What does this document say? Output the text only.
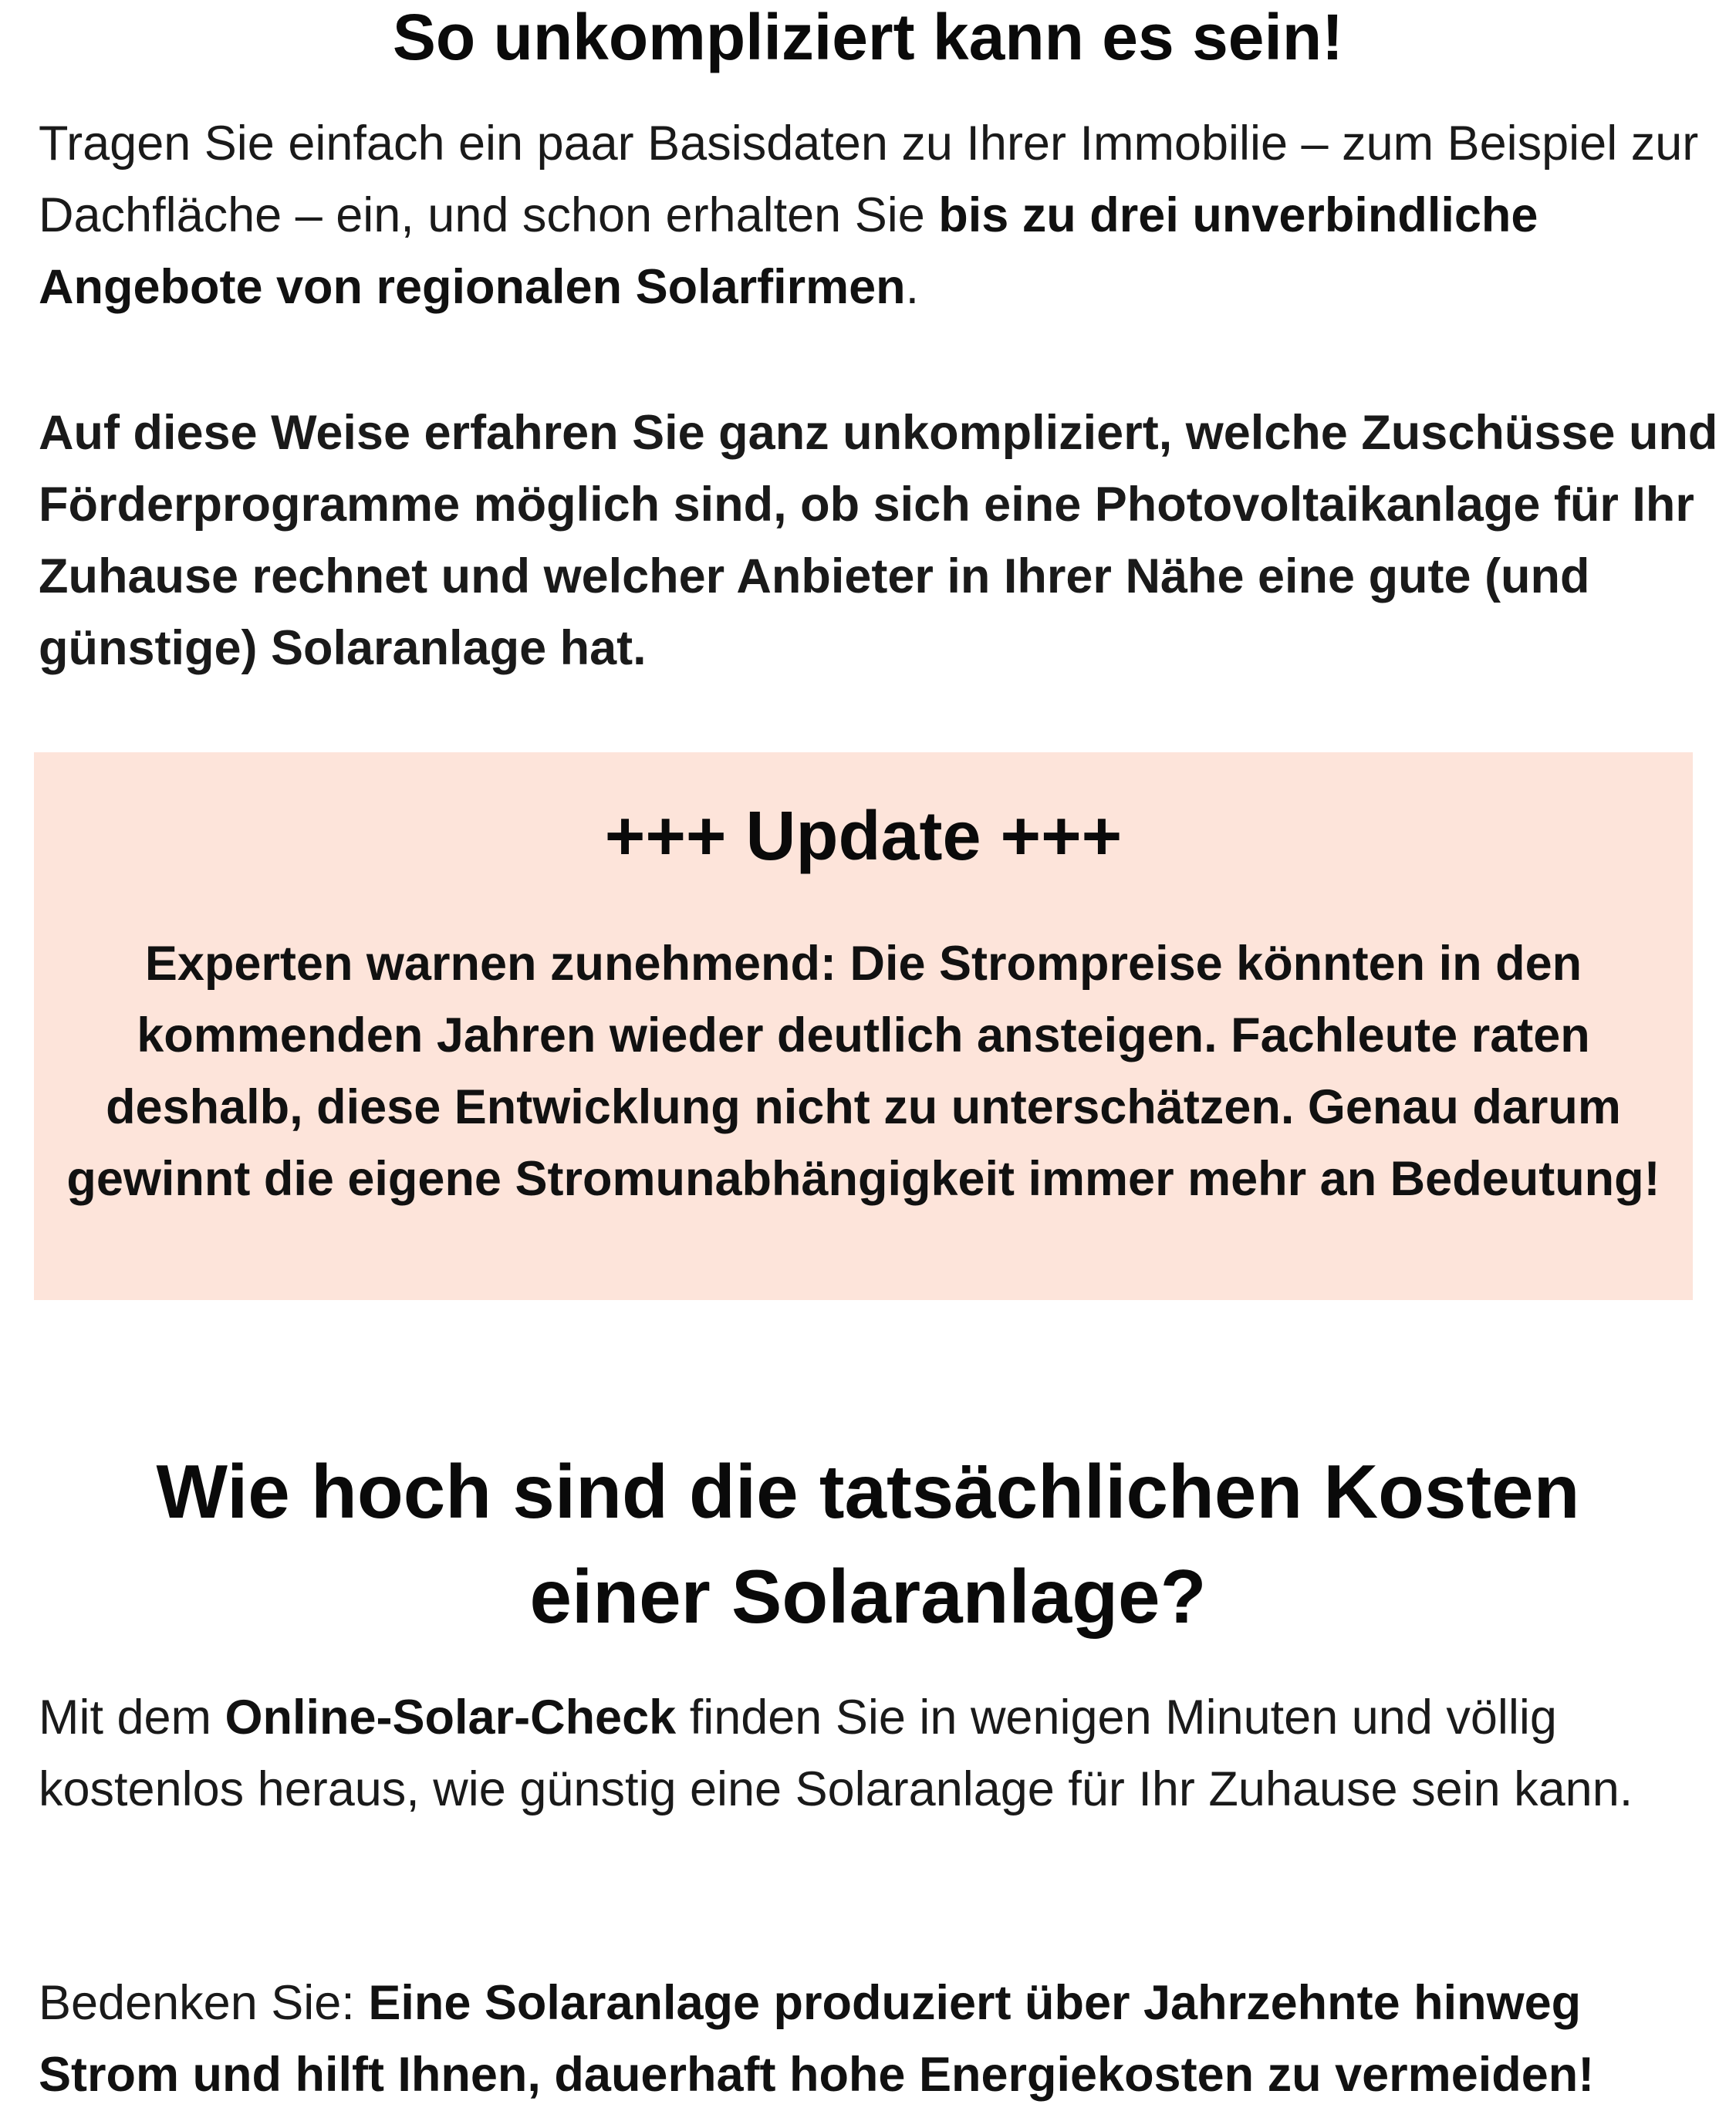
So unkompliziert kann es sein!

Tragen Sie einfach ein paar Basisdaten zu Ihrer Immobilie – zum Beispiel zur Dachfläche – ein, und schon erhalten Sie bis zu drei unverbindliche Angebote von regionalen Solarfirmen.

Auf diese Weise erfahren Sie ganz unkompliziert, welche Zuschüsse und Förderprogramme möglich sind, ob sich eine Photovoltaikanlage für Ihr Zuhause rechnet und welcher Anbieter in Ihrer Nähe eine gute (und günstige) Solaranlage hat.

+++ Update +++

Experten warnen zunehmend: Die Strompreise könnten in den kommenden Jahren wieder deutlich ansteigen. Fachleute raten deshalb, diese Entwicklung nicht zu unterschätzen. Genau darum gewinnt die eigene Stromunabhängigkeit immer mehr an Bedeutung!

Wie hoch sind die tatsächlichen Kosten einer Solaranlage?

Mit dem Online-Solar-Check finden Sie in wenigen Minuten und völlig kostenlos heraus, wie günstig eine Solaranlage für Ihr Zuhause sein kann.

Bedenken Sie: Eine Solaranlage produziert über Jahrzehnte hinweg Strom und hilft Ihnen, dauerhaft hohe Energiekosten zu vermeiden!
